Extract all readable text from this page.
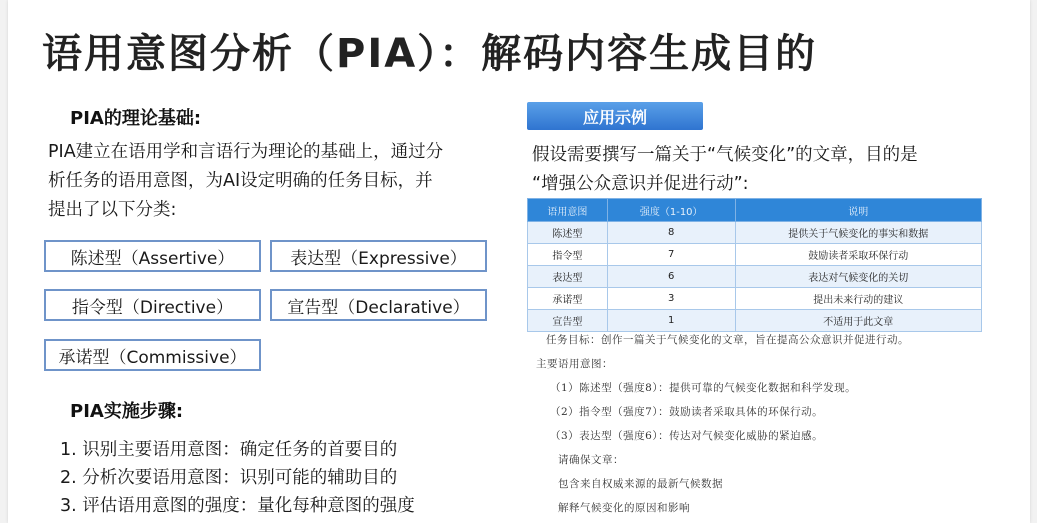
语用意图分析（PIA）：解码内容生成目的
PIA的理论基础:
PIA建立在语用学和言语行为理论的基础上，通过分
析任务的语用意图，为AI设定明确的任务目标，并
提出了以下分类:
陈述型（Assertive）	表达型（Expressive）
指令型（Directive）	宣告型（Declarative）
承诺型（Commissive）
PIA实施步骤:
1. 识别主要语用意图：确定任务的首要目的
2. 分析次要语用意图：识别可能的辅助目的
3. 评估语用意图的强度：量化每种意图的强度
应用示例
假设需要撰写一篇关于“气候变化”的文章，目的是
“增强公众意识并促进行动”:
语用意图	强度（1-10）	说明
陈述型	8	提供关于气候变化的事实和数据
指令型	7	鼓励读者采取环保行动
表达型	6	表达对气候变化的关切
承诺型	3	提出未来行动的建议
宣告型	1	不适用于此文章
任务目标：创作一篇关于气候变化的文章，旨在提高公众意识并促进行动。
主要语用意图：
（1）陈述型（强度8）：提供可靠的气候变化数据和科学发现。
（2）指令型（强度7）：鼓励读者采取具体的环保行动。
（3）表达型（强度6）：传达对气候变化威胁的紧迫感。
请确保文章：
包含来自权威来源的最新气候数据
解释气候变化的原因和影响
